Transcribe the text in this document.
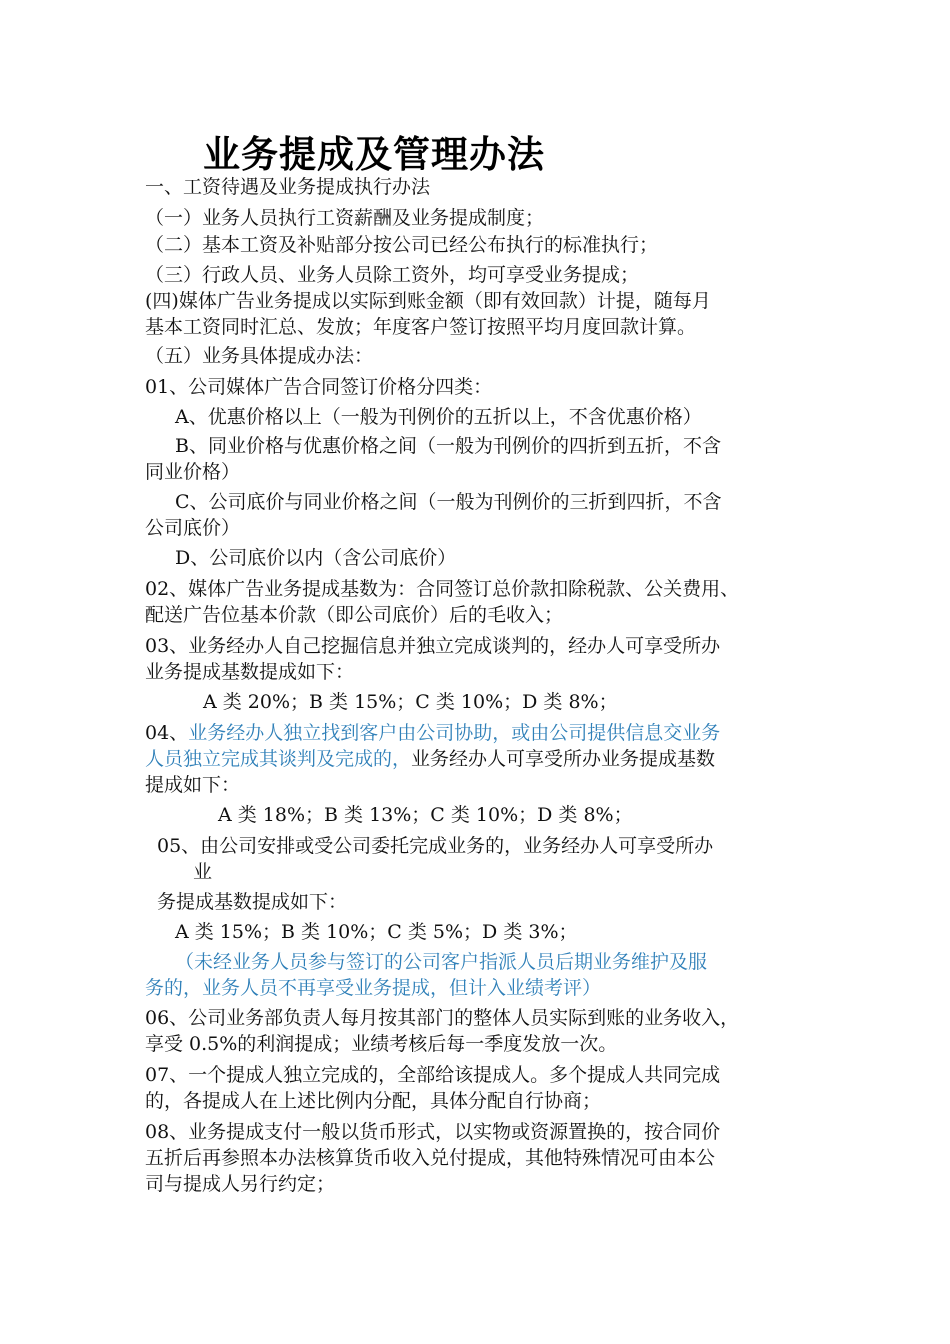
业务提成及管理办法
一、工资待遇及业务提成执行办法
（一）业务人员执行工资薪酬及业务提成制度；
（二）基本工资及补贴部分按公司已经公布执行的标准执行；
（三）行政人员、业务人员除工资外，均可享受业务提成；
(四)媒体广告业务提成以实际到账金额（即有效回款）计提，随每月
基本工资同时汇总、发放；年度客户签订按照平均月度回款计算。
（五）业务具体提成办法：
01、公司媒体广告合同签订价格分四类：
A、优惠价格以上（一般为刊例价的五折以上，不含优惠价格）
B、同业价格与优惠价格之间（一般为刊例价的四折到五折，不含
同业价格）
C、公司底价与同业价格之间（一般为刊例价的三折到四折，不含
公司底价）
D、公司底价以内（含公司底价）
02、媒体广告业务提成基数为：合同签订总价款扣除税款、公关费用、
配送广告位基本价款（即公司底价）后的毛收入；
03、业务经办人自己挖掘信息并独立完成谈判的，经办人可享受所办
业务提成基数提成如下：
A 类 20%；B 类 15%；C 类 10%；D 类 8%；
04、业务经办人独立找到客户由公司协助，或由公司提供信息交业务
人员独立完成其谈判及完成的，业务经办人可享受所办业务提成基数
提成如下：
A 类 18%；B 类 13%；C 类 10%；D 类 8%；
05、由公司安排或受公司委托完成业务的，业务经办人可享受所办
业
务提成基数提成如下：
A 类 15%；B 类 10%；C 类 5%；D 类 3%；
（未经业务人员参与签订的公司客户指派人员后期业务维护及服
务的，业务人员不再享受业务提成，但计入业绩考评）
06、公司业务部负责人每月按其部门的整体人员实际到账的业务收入，
享受 0.5%的利润提成；业绩考核后每一季度发放一次。
07、一个提成人独立完成的，全部给该提成人。多个提成人共同完成
的，各提成人在上述比例内分配，具体分配自行协商；
08、业务提成支付一般以货币形式，以实物或资源置换的，按合同价
五折后再参照本办法核算货币收入兑付提成，其他特殊情况可由本公
司与提成人另行约定；
